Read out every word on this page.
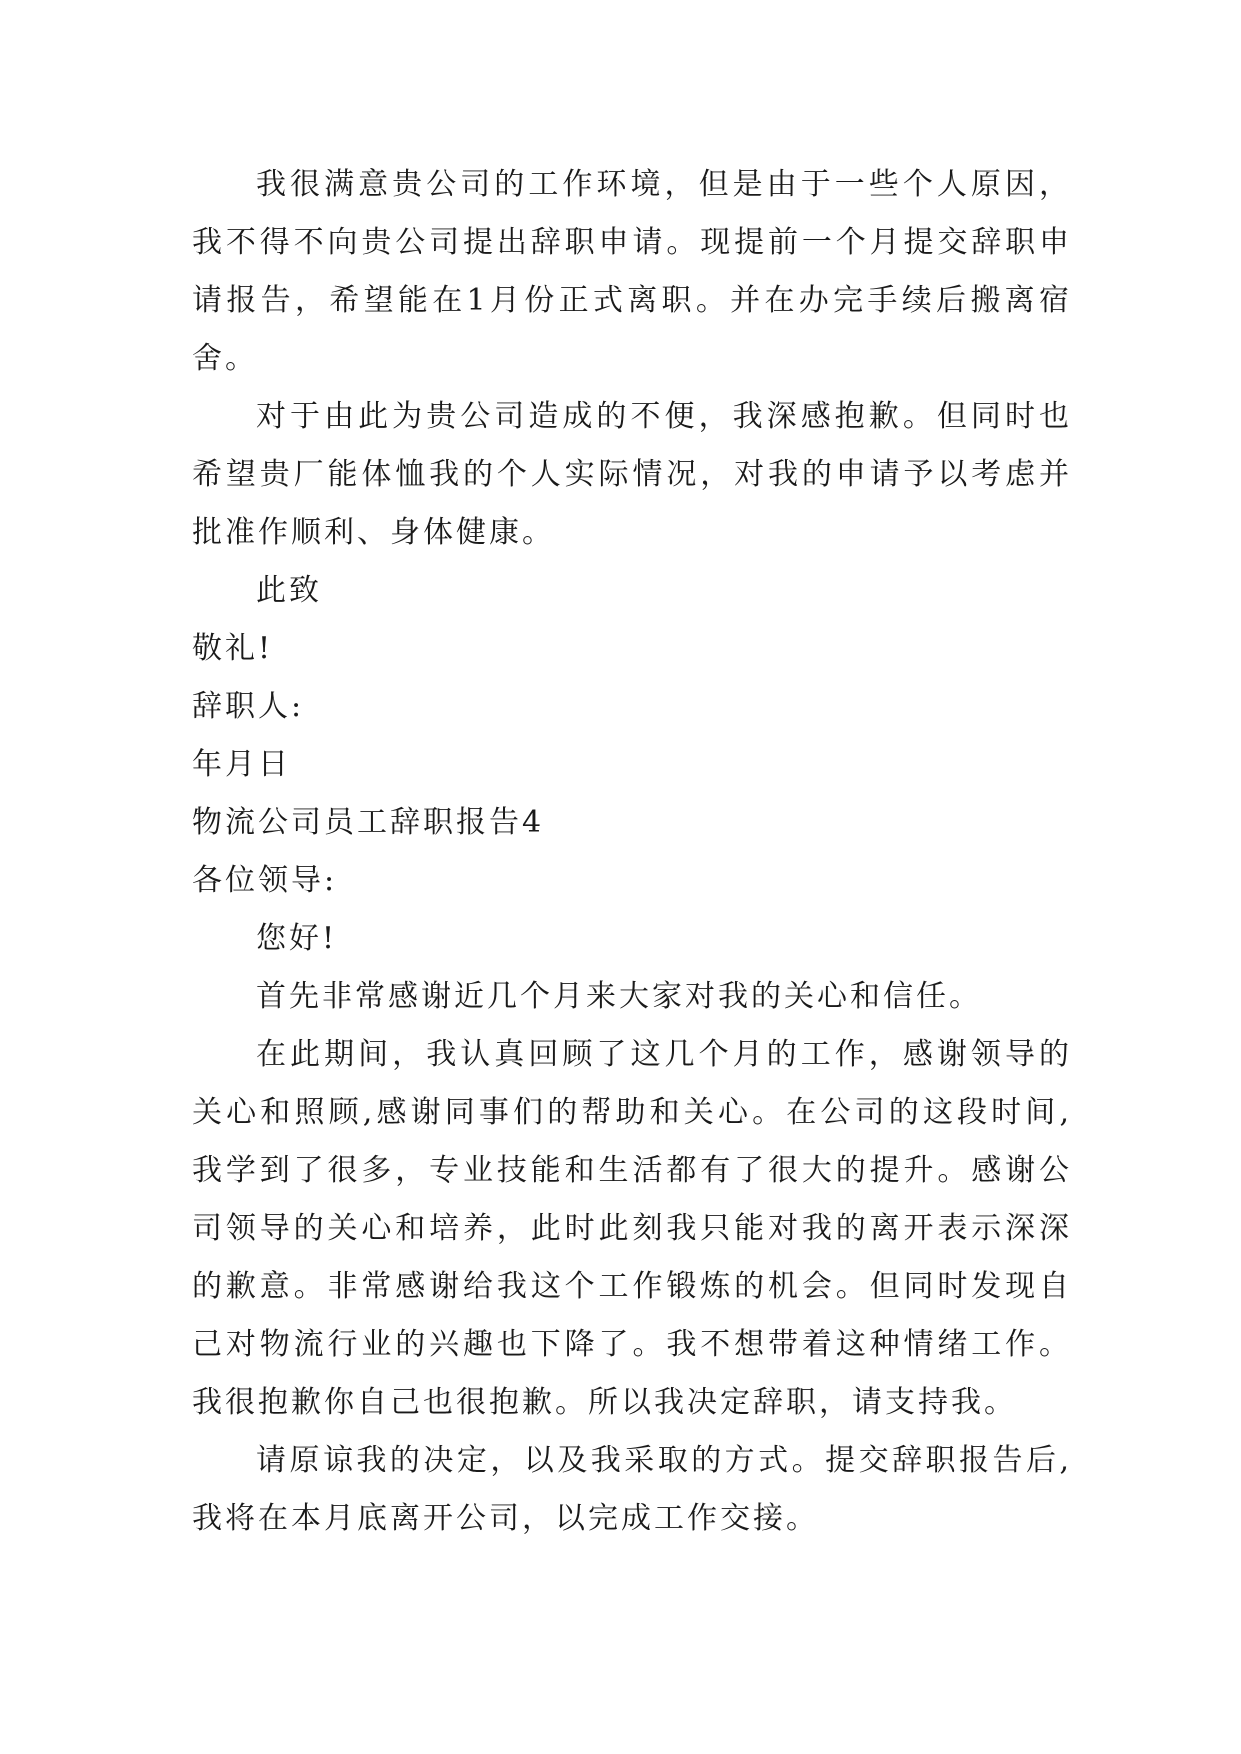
我很满意贵公司的工作环境，但是由于一些个人原因，我不得不向贵公司提出辞职申请。现提前一个月提交辞职申请报告，希望能在1月份正式离职。并在办完手续后搬离宿舍。

对于由此为贵公司造成的不便，我深感抱歉。但同时也希望贵厂能体恤我的个人实际情况，对我的申请予以考虑并批准作顺利、身体健康。

此致

敬礼!

辞职人:

年月日

物流公司员工辞职报告4

各位领导:

您好!

首先非常感谢近几个月来大家对我的关心和信任。

在此期间，我认真回顾了这几个月的工作，感谢领导的关心和照顾,感谢同事们的帮助和关心。在公司的这段时间,我学到了很多，专业技能和生活都有了很大的提升。感谢公司领导的关心和培养，此时此刻我只能对我的离开表示深深的歉意。非常感谢给我这个工作锻炼的机会。但同时发现自己对物流行业的兴趣也下降了。我不想带着这种情绪工作。我很抱歉你自己也很抱歉。所以我决定辞职，请支持我。

请原谅我的决定，以及我采取的方式。提交辞职报告后,我将在本月底离开公司，以完成工作交接。
